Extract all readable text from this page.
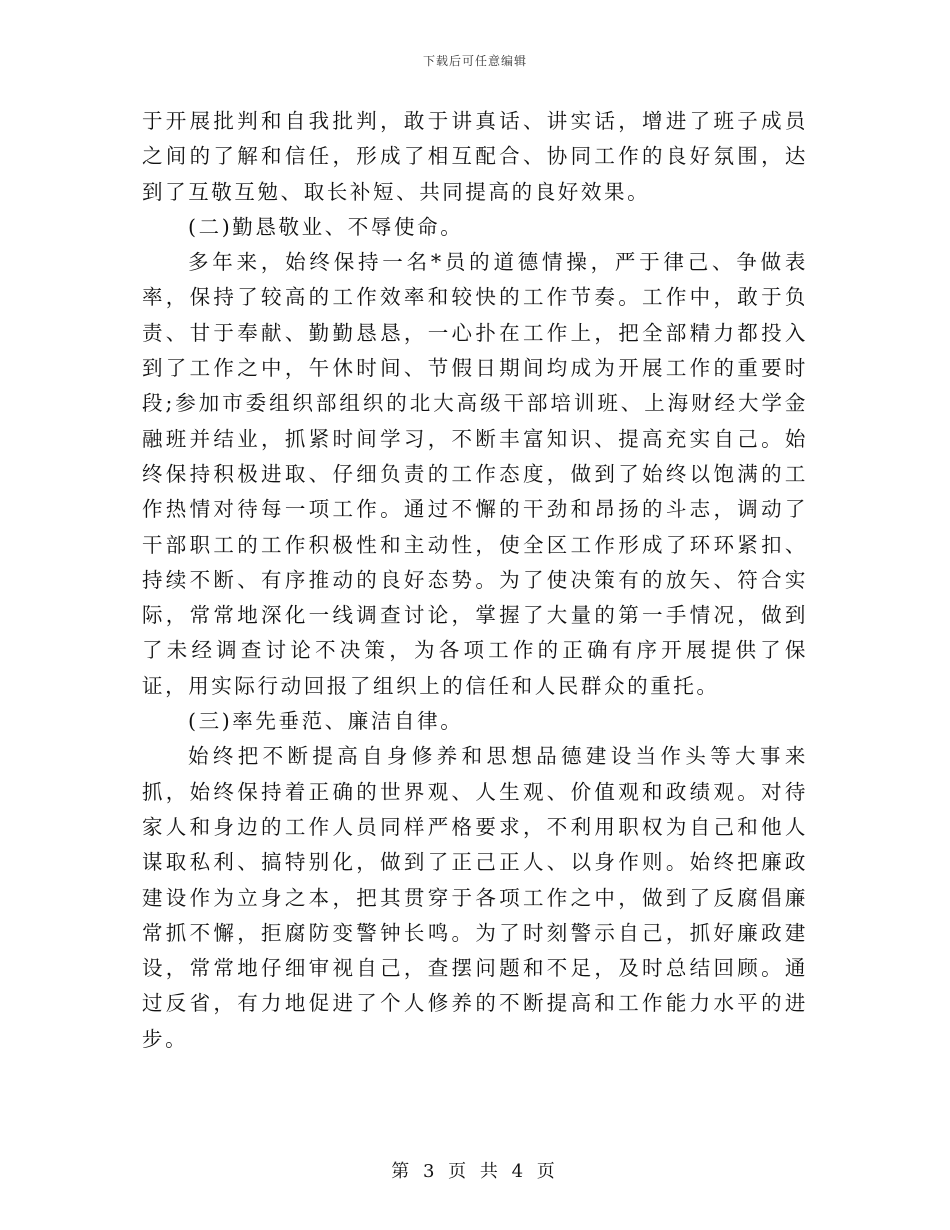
下载后可任意编辑

于开展批判和自我批判，敢于讲真话、讲实话，增进了班子成员之间的了解和信任，形成了相互配合、协同工作的良好氛围，达到了互敬互勉、取长补短、共同提高的良好效果。

(二)勤恳敬业、不辱使命。

多年来，始终保持一名*员的道德情操，严于律己、争做表率，保持了较高的工作效率和较快的工作节奏。工作中，敢于负责、甘于奉献、勤勤恳恳，一心扑在工作上，把全部精力都投入到了工作之中，午休时间、节假日期间均成为开展工作的重要时段;参加市委组织部组织的北大高级干部培训班、上海财经大学金融班并结业，抓紧时间学习，不断丰富知识、提高充实自己。始终保持积极进取、仔细负责的工作态度，做到了始终以饱满的工作热情对待每一项工作。通过不懈的干劲和昂扬的斗志，调动了干部职工的工作积极性和主动性，使全区工作形成了环环紧扣、持续不断、有序推动的良好态势。为了使决策有的放矢、符合实际，常常地深化一线调查讨论，掌握了大量的第一手情况，做到了未经调查讨论不决策，为各项工作的正确有序开展提供了保证，用实际行动回报了组织上的信任和人民群众的重托。

(三)率先垂范、廉洁自律。

始终把不断提高自身修养和思想品德建设当作头等大事来抓，始终保持着正确的世界观、人生观、价值观和政绩观。对待家人和身边的工作人员同样严格要求，不利用职权为自己和他人谋取私利、搞特别化，做到了正己正人、以身作则。始终把廉政建设作为立身之本，把其贯穿于各项工作之中，做到了反腐倡廉常抓不懈，拒腐防变警钟长鸣。为了时刻警示自己，抓好廉政建设，常常地仔细审视自己，查摆问题和不足，及时总结回顾。通过反省，有力地促进了个人修养的不断提高和工作能力水平的进步。

第 3 页 共 4 页
